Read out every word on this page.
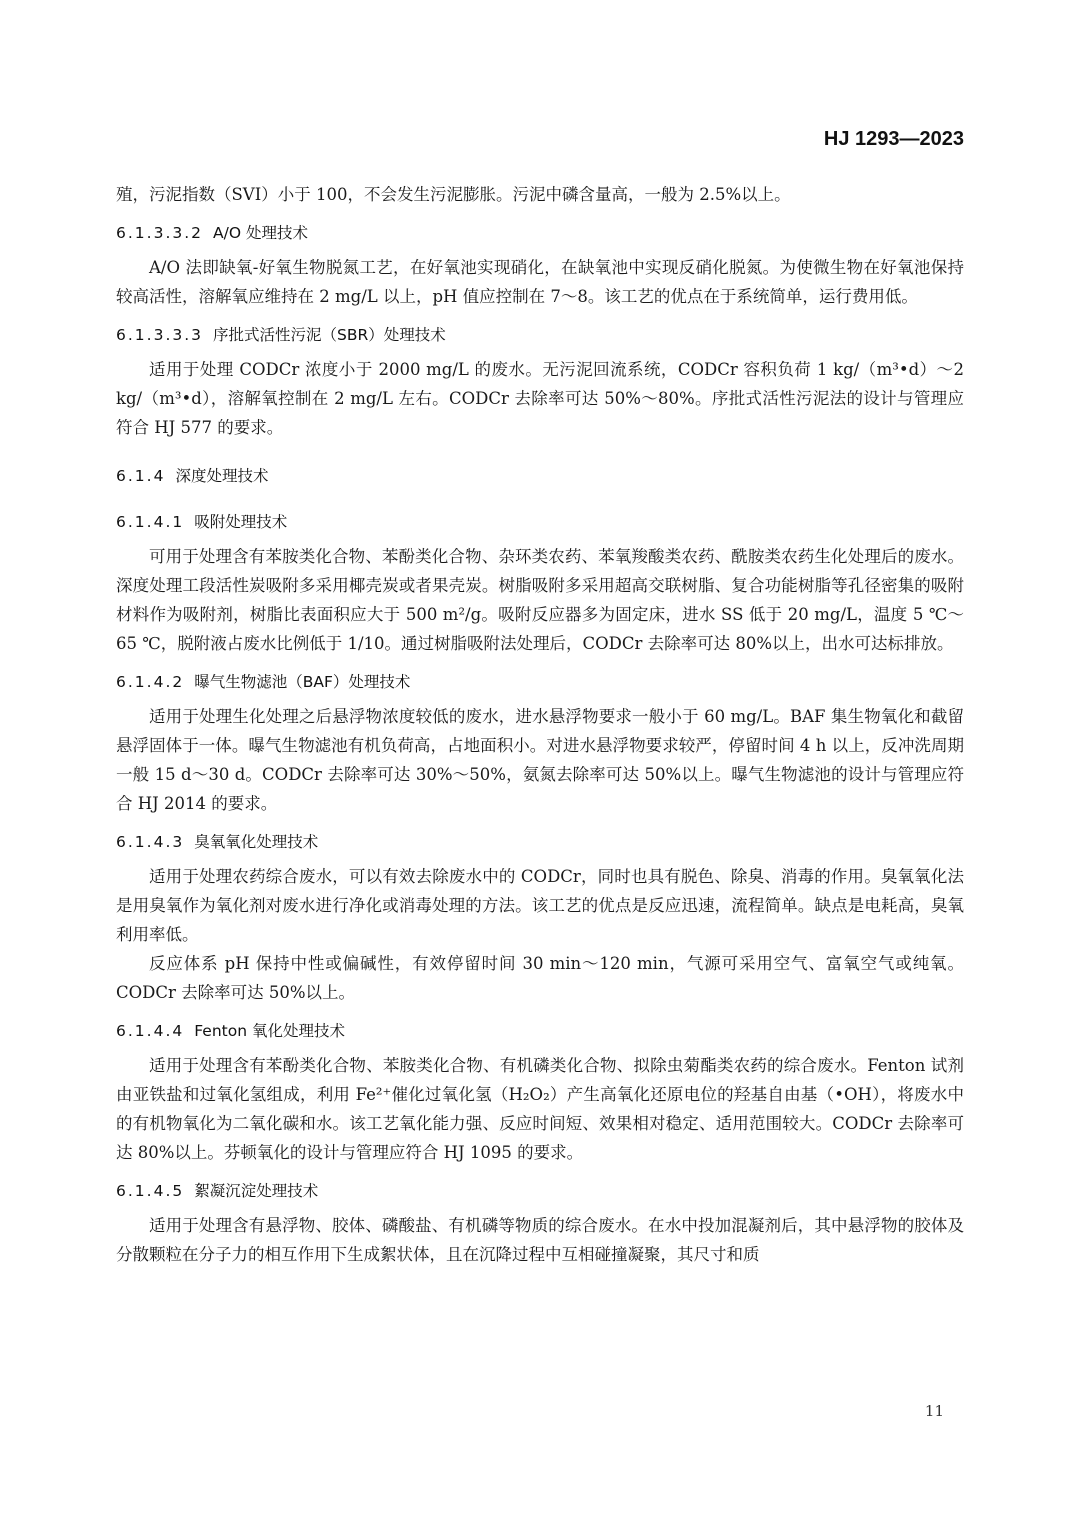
HJ 1293—2023

殖，污泥指数（SVI）小于 100，不会发生污泥膨胀。污泥中磷含量高，一般为 2.5%以上。

6.1.3.3.2 A/O 处理技术

A/O 法即缺氧-好氧生物脱氮工艺，在好氧池实现硝化，在缺氧池中实现反硝化脱氮。为使微生物在好氧池保持较高活性，溶解氧应维持在 2 mg/L 以上，pH 值应控制在 7～8。该工艺的优点在于系统简单，运行费用低。

6.1.3.3.3 序批式活性污泥（SBR）处理技术

适用于处理 CODCr 浓度小于 2000 mg/L 的废水。无污泥回流系统，CODCr 容积负荷 1 kg/（m³•d）～2 kg/（m³•d），溶解氧控制在 2 mg/L 左右。CODCr 去除率可达 50%～80%。序批式活性污泥法的设计与管理应符合 HJ 577 的要求。

6.1.4 深度处理技术
6.1.4.1 吸附处理技术

可用于处理含有苯胺类化合物、苯酚类化合物、杂环类农药、苯氧羧酸类农药、酰胺类农药生化处理后的废水。深度处理工段活性炭吸附多采用椰壳炭或者果壳炭。树脂吸附多采用超高交联树脂、复合功能树脂等孔径密集的吸附材料作为吸附剂，树脂比表面积应大于 500 m²/g。吸附反应器多为固定床，进水 SS 低于 20 mg/L，温度 5 ℃～65 ℃，脱附液占废水比例低于 1/10。通过树脂吸附法处理后，CODCr 去除率可达 80%以上，出水可达标排放。

6.1.4.2 曝气生物滤池（BAF）处理技术

适用于处理生化处理之后悬浮物浓度较低的废水，进水悬浮物要求一般小于 60 mg/L。BAF 集生物氧化和截留悬浮固体于一体。曝气生物滤池有机负荷高，占地面积小。对进水悬浮物要求较严，停留时间 4 h 以上，反冲洗周期一般 15 d～30 d。CODCr 去除率可达 30%～50%，氨氮去除率可达 50%以上。曝气生物滤池的设计与管理应符合 HJ 2014 的要求。

6.1.4.3 臭氧氧化处理技术

适用于处理农药综合废水，可以有效去除废水中的 CODCr，同时也具有脱色、除臭、消毒的作用。臭氧氧化法是用臭氧作为氧化剂对废水进行净化或消毒处理的方法。该工艺的优点是反应迅速，流程简单。缺点是电耗高，臭氧利用率低。

反应体系 pH 保持中性或偏碱性，有效停留时间 30 min～120 min，气源可采用空气、富氧空气或纯氧。CODCr 去除率可达 50%以上。

6.1.4.4 Fenton 氧化处理技术

适用于处理含有苯酚类化合物、苯胺类化合物、有机磷类化合物、拟除虫菊酯类农药的综合废水。Fenton 试剂由亚铁盐和过氧化氢组成，利用 Fe²⁺催化过氧化氢（H₂O₂）产生高氧化还原电位的羟基自由基（•OH），将废水中的有机物氧化为二氧化碳和水。该工艺氧化能力强、反应时间短、效果相对稳定、适用范围较大。CODCr 去除率可达 80%以上。芬顿氧化的设计与管理应符合 HJ 1095 的要求。

6.1.4.5 絮凝沉淀处理技术

适用于处理含有悬浮物、胶体、磷酸盐、有机磷等物质的综合废水。在水中投加混凝剂后，其中悬浮物的胶体及分散颗粒在分子力的相互作用下生成絮状体，且在沉降过程中互相碰撞凝聚，其尺寸和质

11
